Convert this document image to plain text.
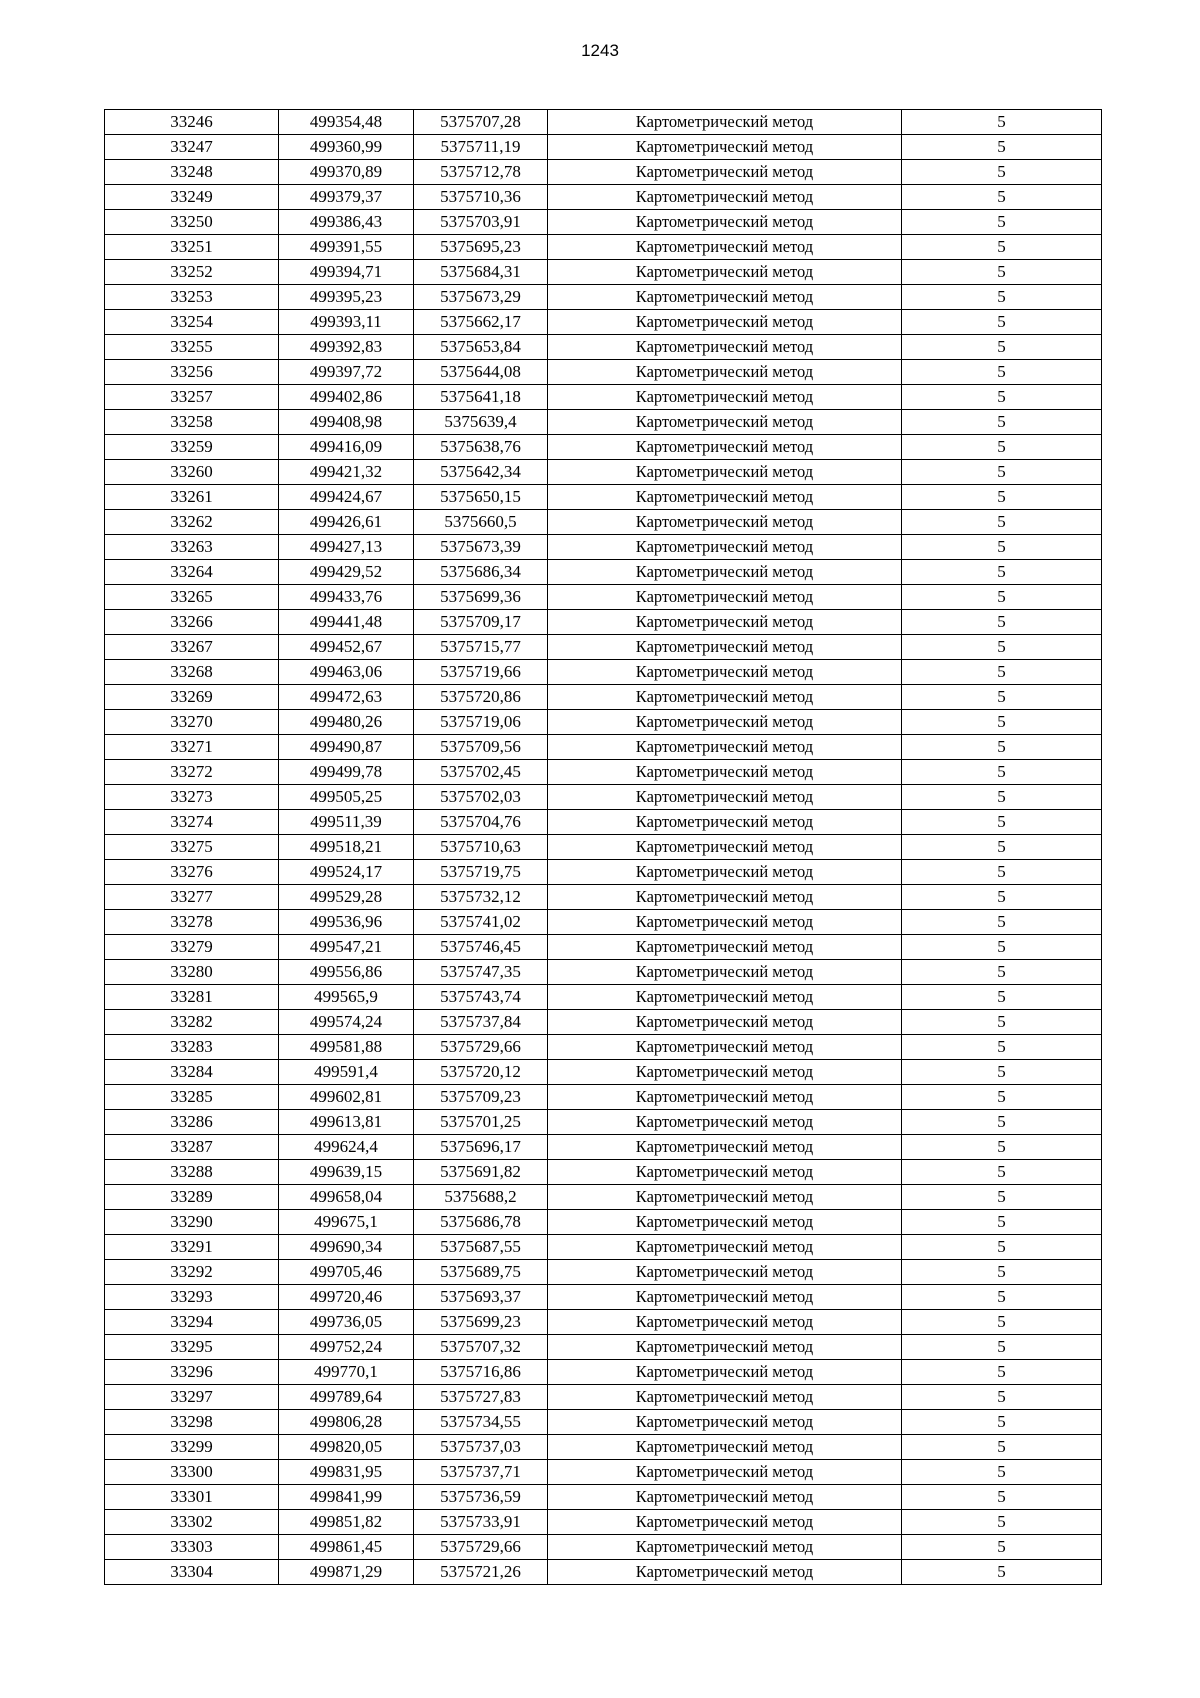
1243
33246	499354,48	5375707,28	Картометрический метод	5
33247	499360,99	5375711,19	Картометрический метод	5
33248	499370,89	5375712,78	Картометрический метод	5
33249	499379,37	5375710,36	Картометрический метод	5
33250	499386,43	5375703,91	Картометрический метод	5
33251	499391,55	5375695,23	Картометрический метод	5
33252	499394,71	5375684,31	Картометрический метод	5
33253	499395,23	5375673,29	Картометрический метод	5
33254	499393,11	5375662,17	Картометрический метод	5
33255	499392,83	5375653,84	Картометрический метод	5
33256	499397,72	5375644,08	Картометрический метод	5
33257	499402,86	5375641,18	Картометрический метод	5
33258	499408,98	5375639,4	Картометрический метод	5
33259	499416,09	5375638,76	Картометрический метод	5
33260	499421,32	5375642,34	Картометрический метод	5
33261	499424,67	5375650,15	Картометрический метод	5
33262	499426,61	5375660,5	Картометрический метод	5
33263	499427,13	5375673,39	Картометрический метод	5
33264	499429,52	5375686,34	Картометрический метод	5
33265	499433,76	5375699,36	Картометрический метод	5
33266	499441,48	5375709,17	Картометрический метод	5
33267	499452,67	5375715,77	Картометрический метод	5
33268	499463,06	5375719,66	Картометрический метод	5
33269	499472,63	5375720,86	Картометрический метод	5
33270	499480,26	5375719,06	Картометрический метод	5
33271	499490,87	5375709,56	Картометрический метод	5
33272	499499,78	5375702,45	Картометрический метод	5
33273	499505,25	5375702,03	Картометрический метод	5
33274	499511,39	5375704,76	Картометрический метод	5
33275	499518,21	5375710,63	Картометрический метод	5
33276	499524,17	5375719,75	Картометрический метод	5
33277	499529,28	5375732,12	Картометрический метод	5
33278	499536,96	5375741,02	Картометрический метод	5
33279	499547,21	5375746,45	Картометрический метод	5
33280	499556,86	5375747,35	Картометрический метод	5
33281	499565,9	5375743,74	Картометрический метод	5
33282	499574,24	5375737,84	Картометрический метод	5
33283	499581,88	5375729,66	Картометрический метод	5
33284	499591,4	5375720,12	Картометрический метод	5
33285	499602,81	5375709,23	Картометрический метод	5
33286	499613,81	5375701,25	Картометрический метод	5
33287	499624,4	5375696,17	Картометрический метод	5
33288	499639,15	5375691,82	Картометрический метод	5
33289	499658,04	5375688,2	Картометрический метод	5
33290	499675,1	5375686,78	Картометрический метод	5
33291	499690,34	5375687,55	Картометрический метод	5
33292	499705,46	5375689,75	Картометрический метод	5
33293	499720,46	5375693,37	Картометрический метод	5
33294	499736,05	5375699,23	Картометрический метод	5
33295	499752,24	5375707,32	Картометрический метод	5
33296	499770,1	5375716,86	Картометрический метод	5
33297	499789,64	5375727,83	Картометрический метод	5
33298	499806,28	5375734,55	Картометрический метод	5
33299	499820,05	5375737,03	Картометрический метод	5
33300	499831,95	5375737,71	Картометрический метод	5
33301	499841,99	5375736,59	Картометрический метод	5
33302	499851,82	5375733,91	Картометрический метод	5
33303	499861,45	5375729,66	Картометрический метод	5
33304	499871,29	5375721,26	Картометрический метод	5
